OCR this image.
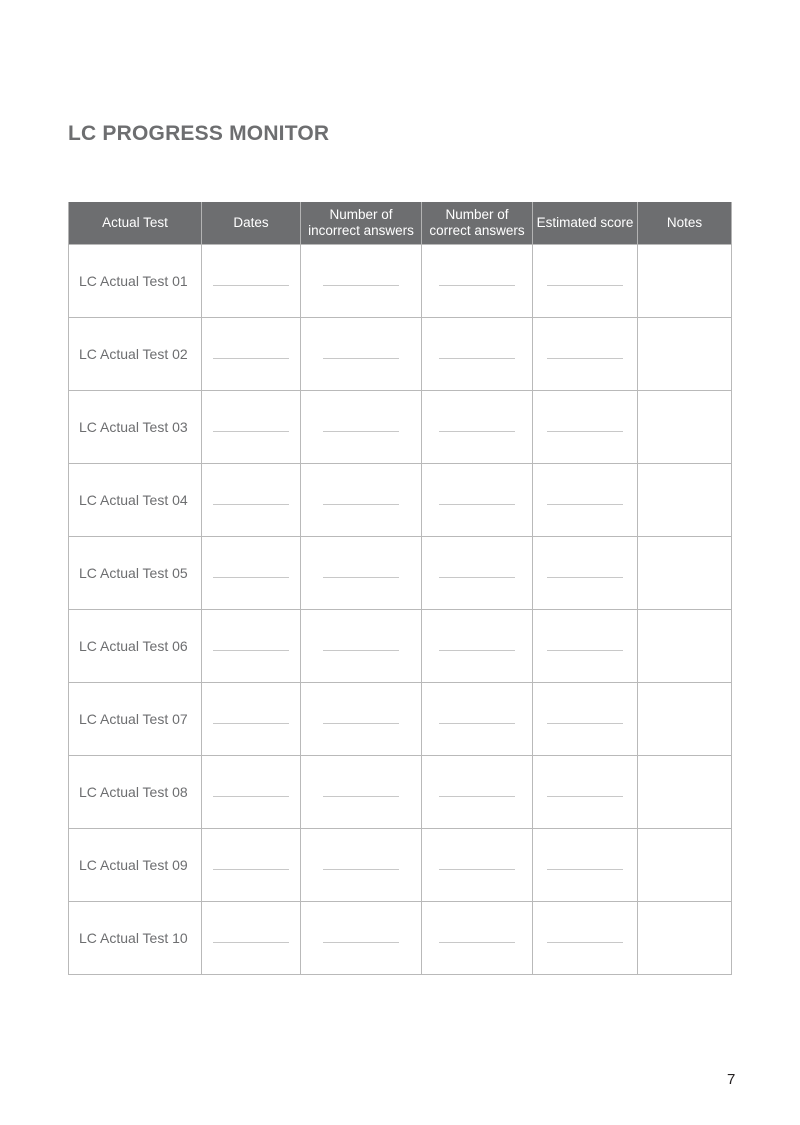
LC PROGRESS MONITOR
Actual Test	Dates	Number of incorrect answers	Number of correct answers	Estimated score	Notes
LC Actual Test 01	

LC Actual Test 02	

LC Actual Test 03	

LC Actual Test 04	

LC Actual Test 05	

LC Actual Test 06	

LC Actual Test 07	

LC Actual Test 08	

LC Actual Test 09	

LC Actual Test 10	

7
